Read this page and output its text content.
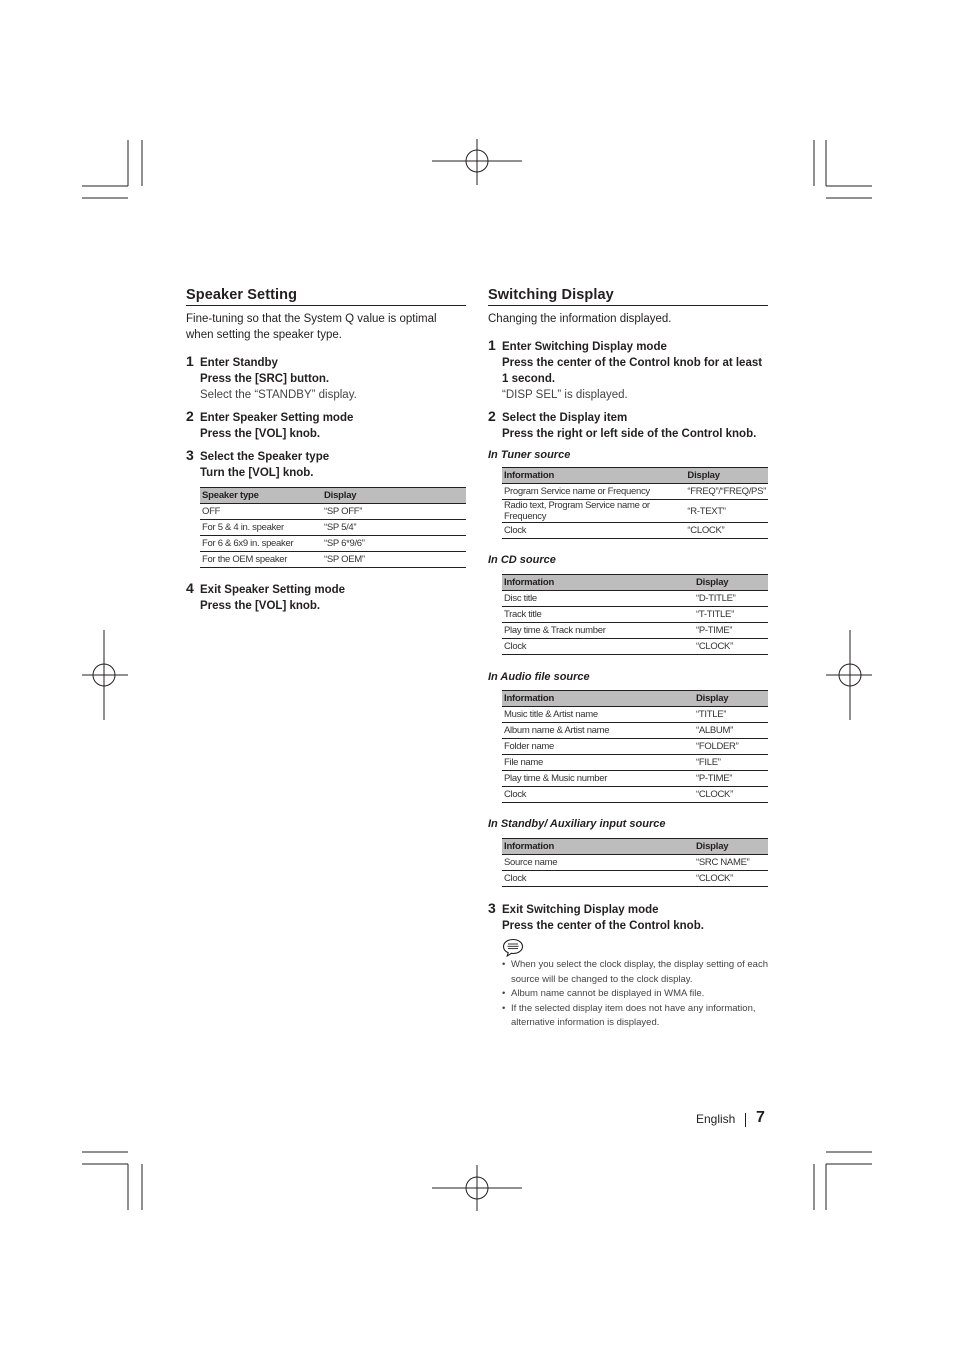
Speaker Setting

Fine-tuning so that the System Q value is optimal when setting the speaker type.

1 Enter Standby
Press the [SRC] button.
Select the “STANDBY” display.
2 Enter Speaker Setting mode
Press the [VOL] knob.
3 Select the Speaker type
Turn the [VOL] knob.
Speaker type	Display
OFF	“SP OFF”
For 5 & 4 in. speaker	“SP 5/4”
For 6 & 6x9 in. speaker	“SP 6*9/6”
For the OEM speaker	“SP OEM”
4 Exit Speaker Setting mode
Press the [VOL] knob.
Switching Display

Changing the information displayed.

1 Enter Switching Display mode
Press the center of the Control knob for at least 1 second.
“DISP SEL” is displayed.
2 Select the Display item
Press the right or left side of the Control knob.

In Tuner source

Information	Display
Program Service name or Frequency	“FREQ”/“FREQ/PS”
Radio text, Program Service name or Frequency	“R-TEXT”
Clock	“CLOCK”

In CD source

Information	Display
Disc title	“D-TITLE”
Track title	“T-TITLE”
Play time & Track number	“P-TIME”
Clock	“CLOCK”

In Audio file source

Information	Display
Music title & Artist name	“TITLE”
Album name & Artist name	“ALBUM”
Folder name	“FOLDER”
File name	“FILE”
Play time & Music number	“P-TIME”
Clock	“CLOCK”

In Standby/ Auxiliary input source

Information	Display
Source name	“SRC NAME”
Clock	“CLOCK”
3 Exit Switching Display mode
Press the center of the Control knob.
• When you select the clock display, the display setting of each source will be changed to the clock display.
• Album name cannot be displayed in WMA file.
• If the selected display item does not have any information, alternative information is displayed.
English 7
